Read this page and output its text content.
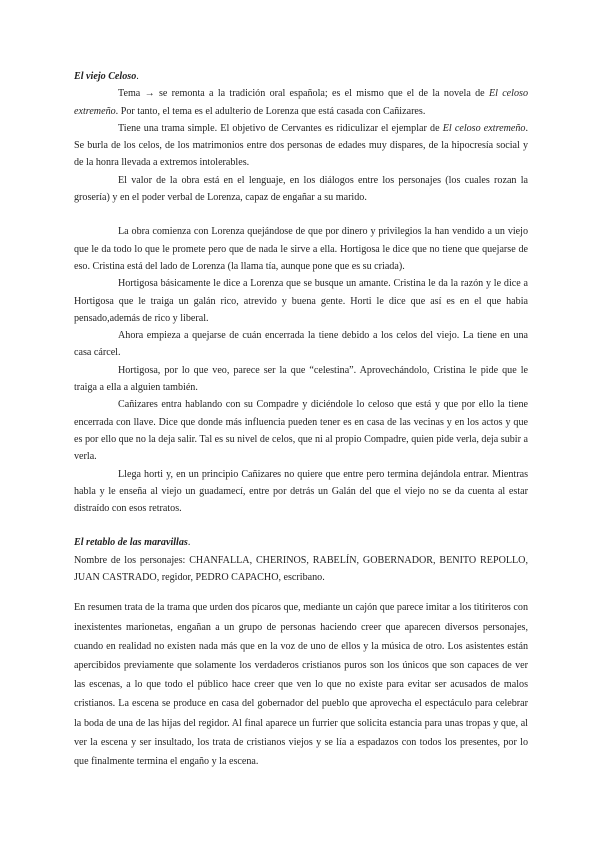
El viejo Celoso.

Tema → se remonta a la tradición oral española; es el mismo que el de la novela de El celoso extremeño. Por tanto, el tema es el adulterio de Lorenza que está casada con Cañizares.

Tiene una trama simple. El objetivo de Cervantes es ridiculizar el ejemplar de El celoso extremeño. Se burla de los celos, de los matrimonios entre dos personas de edades muy dispares, de la hipocresía social y de la honra llevada a extremos intolerables.

El valor de la obra está en el lenguaje, en los diálogos entre los personajes (los cuales rozan la grosería) y en el poder verbal de Lorenza, capaz de engañar a su marido.

La obra comienza con Lorenza quejándose de que por dinero y privilegios la han vendido a un viejo que le da todo lo que le promete pero que de nada le sirve a ella. Hortigosa le dice que no tiene que quejarse de eso. Cristina está del lado de Lorenza (la llama tía, aunque pone que es su criada).

Hortigosa básicamente le dice a Lorenza que se busque un amante. Cristina le da la razón y le dice a Hortigosa que le traiga un galán rico, atrevido y buena gente. Horti le dice que así es en el que habia pensado,además de rico y liberal.

Ahora empieza a quejarse de cuán encerrada la tiene debido a los celos del viejo. La tiene en una casa cárcel.

Hortigosa, por lo que veo, parece ser la que “celestina”. Aprovechándolo, Cristina le pide que le traiga a ella a alguien también.

Cañizares entra hablando con su Compadre y diciéndole lo celoso que está y que por ello la tiene encerrada con llave. Dice que donde más influencia pueden tener es en casa de las vecinas y en los actos y que es por ello que no la deja salir. Tal es su nivel de celos, que ni al propio Compadre, quien pide verla, deja subir a verla.

Llega horti y, en un principio Cañizares no quiere que entre pero termina dejándola entrar. Mientras habla y le enseña al viejo un guadamecí, entre por detrás un Galán del que el viejo no se da cuenta al estar distraído con esos retratos.

El retablo de las maravillas.

Nombre de los personajes: CHANFALLA, CHERINOS, RABELÍN, GOBERNADOR, BENITO REPOLLO, JUAN CASTRADO, regidor, PEDRO CAPACHO, escribano.

En resumen trata de la trama que urden dos pícaros que, mediante un cajón que parece imitar a los titiriteros con inexistentes marionetas, engañan a un grupo de personas haciendo creer que aparecen diversos personajes, cuando en realidad no existen nada más que en la voz de uno de ellos y la música de otro. Los asistentes están apercibidos previamente que solamente los verdaderos cristianos puros son los únicos que son capaces de ver las escenas, a lo que todo el público hace creer que ven lo que no existe para evitar ser acusados de malos cristianos. La escena se produce en casa del gobernador del pueblo que aprovecha el espectáculo para celebrar la boda de una de las hijas del regidor. Al final aparece un furrier que solicita estancia para unas tropas y que, al ver la escena y ser insultado, los trata de cristianos viejos y se lía a espadazos con todos los presentes, por lo que finalmente termina el engaño y la escena.
